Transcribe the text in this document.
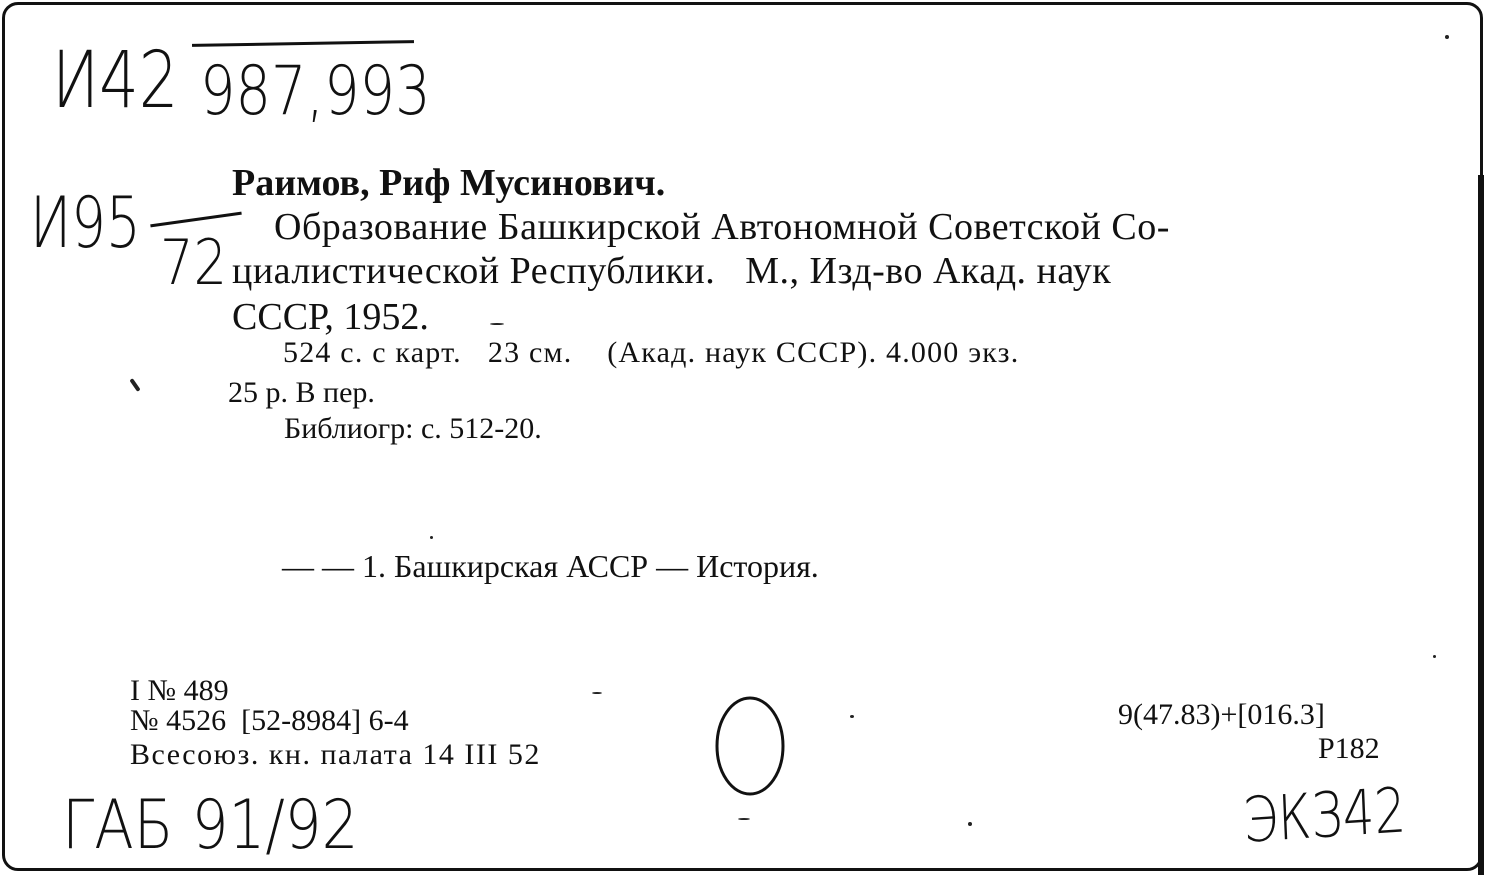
И42 987,993
И95 72
Раимов, Риф Мусинович.
Образование Башкирской Автономной Советской Со-
циалистической Республики.   М., Изд-во Акад. наук
СССР, 1952.
524 с. с карт.   23 см.    (Акад. наук СССР). 4.000 экз.
25 р. В пер.
Библиогр: с. 512-20.
— — 1. Башкирская АССР — История.
I № 489
№ 4526  [52-8984] 6-4
Всесоюз. кн. палата 14 III 52
9(47.83)+[016.3]
Р182
ГАБ 91/92	ЭКЗ42
